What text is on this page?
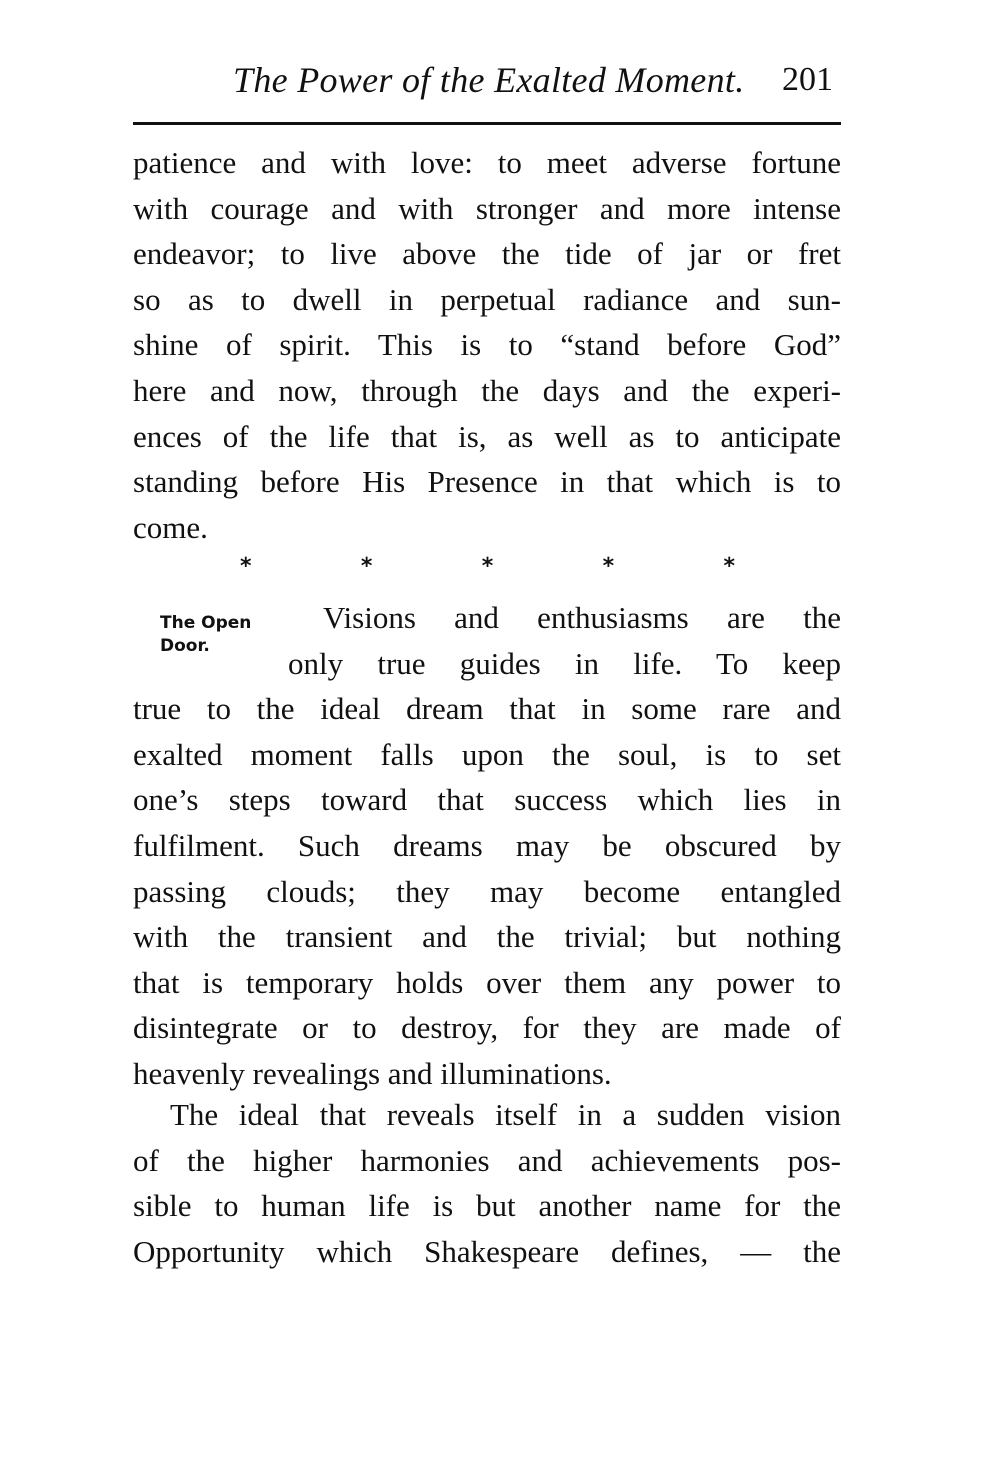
The Power of the Exalted Moment. 201
patience and with love: to meet adverse fortune
with courage and with stronger and more intense
endeavor; to live above the tide of jar or fret
so as to dwell in perpetual radiance and sun-
shine of spirit. This is to “stand before God”
here and now, through the days and the experi-
ences of the life that is, as well as to anticipate
standing before His Presence in that which is to
come.
*	*	*	*	*
The Open
Door.
Visions and enthusiasms are the
only true guides in life. To keep
true to the ideal dream that in some rare and
exalted moment falls upon the soul, is to set
one’s steps toward that success which lies in
fulfilment. Such dreams may be obscured by
passing clouds; they may become entangled
with the transient and the trivial; but nothing
that is temporary holds over them any power to
disintegrate or to destroy, for they are made of
heavenly revealings and illuminations.
The ideal that reveals itself in a sudden vision
of the higher harmonies and achievements pos-
sible to human life is but another name for the
Opportunity which Shakespeare defines, — the
